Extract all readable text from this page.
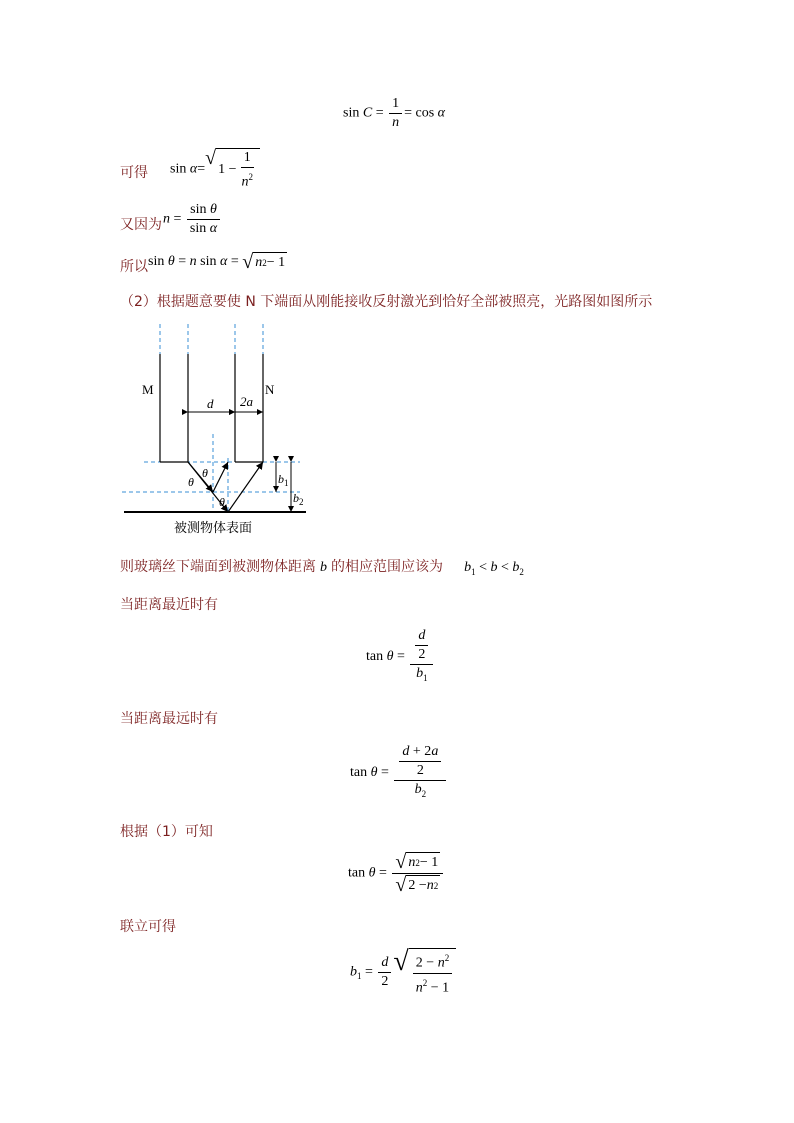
$\sin C = \frac{1}{n} = \cos \alpha$
可得 sin α=
√
$1 - \frac{1}{n^2}$
又因为 $n = \frac{\text{sin θ}}{\text{sin α}}$
所以 sin θ = n sin α = √ n 2 − 1
（2）根据题意要使 N 下端面从刚能接收反射激光到恰好全部被照亮，光路图如图所示
M	N
d 2a
θ
θ
θ
$b_1$
$b_2$
被测物体表面
则玻璃丝下端面到被测物体距离 b 的相应范围应该为 $b_1 < b < b_2$
当距离最近时有
$\tan \theta = \frac{\frac{d}{2}}{b_1}$
当距离最远时有
$\tan \theta = \frac{\frac{d + 2a}{2}}{b_2}$
根据（1）可知
$\tan \theta = \frac{√ n 2 - 1}{√ 2 - n 2}$
联立可得
$b_1 = \frac{d}{2}$ √ $\frac{2 - n^2}{n^2 - 1}$
